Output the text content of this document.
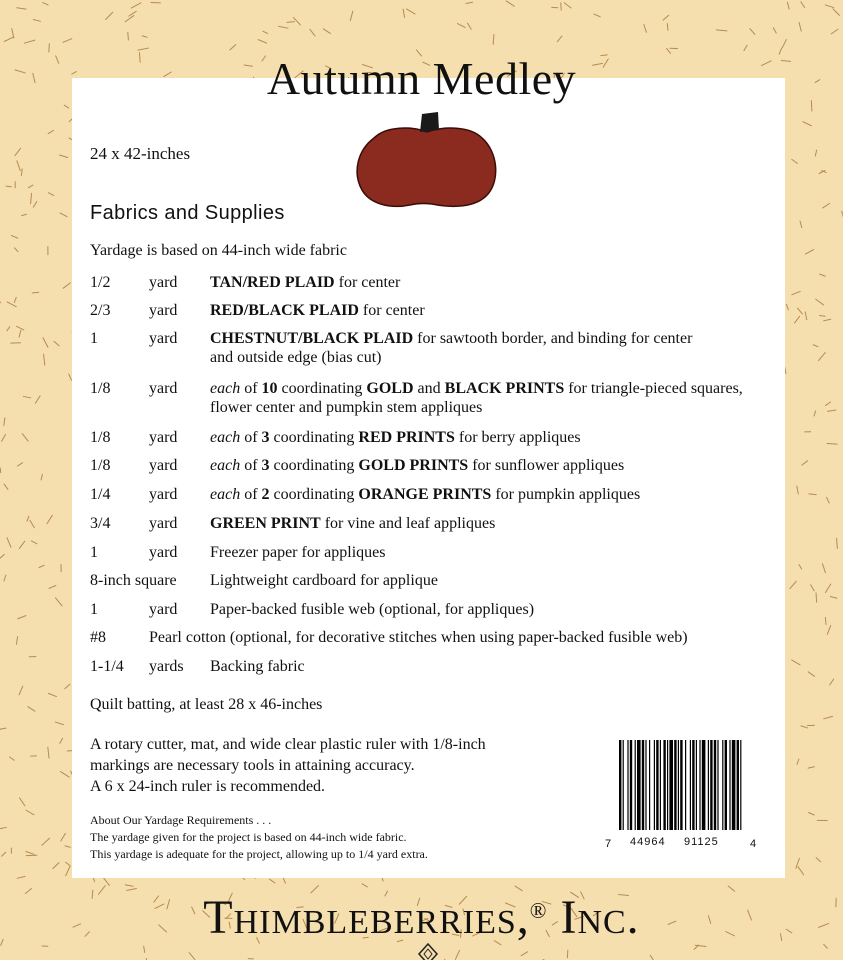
Autumn Medley
24 x 42-inches
Fabrics and Supplies
Yardage is based on 44-inch wide fabric
1/2 yard TAN/RED PLAID for center
2/3 yard RED/BLACK PLAID for center
1	yard CHESTNUT/BLACK PLAID for sawtooth border, and binding for center and outside edge (bias cut)
1/8 yard each of 10 coordinating GOLD and BLACK PRINTS for triangle-pieced squares, flower center and pumpkin stem appliques
1/8 yard each of 3 coordinating RED PRINTS for berry appliques
1/8 yard each of 3 coordinating GOLD PRINTS for sunflower appliques
1/4 yard each of 2 coordinating ORANGE PRINTS for pumpkin appliques
3/4 yard GREEN PRINT for vine and leaf appliques
1	yard Freezer paper for appliques
8-inch square Lightweight cardboard for applique
1	yard Paper-backed fusible web (optional, for appliques)
#8	Pearl cotton (optional, for decorative stitches when using paper-backed fusible web)
1-1/4 yards Backing fabric
Quilt batting, at least 28 x 46-inches
A rotary cutter, mat, and wide clear plastic ruler with 1/8-inch
markings are necessary tools in attaining accuracy.
A 6 x 24-inch ruler is recommended.
About Our Yardage Requirements . . .
The yardage given for the project is based on 44-inch wide fabric.
This yardage is adequate for the project, allowing up to 1/4 yard extra.
7 44964 91125	4
Thimbleberries,® Inc.
